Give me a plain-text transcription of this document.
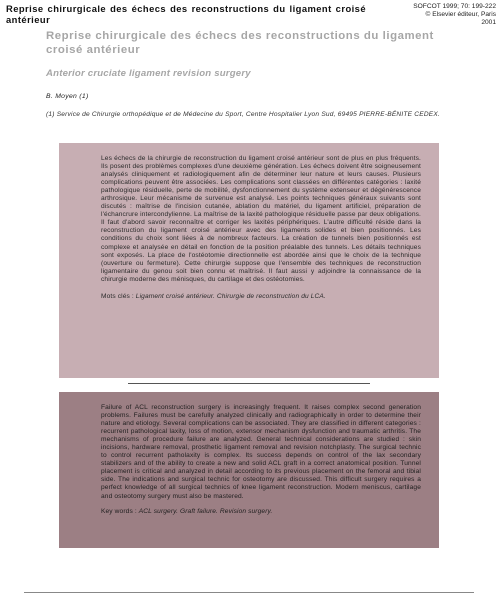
Reprise chirurgicale des échecs des reconstructions du ligament croisé antérieur
SOFCOT 1999; 70: 199-222
© Elsevier éditeur, Paris
2001
Reprise chirurgicale des échecs des reconstructions du ligament croisé antérieur
Anterior cruciate ligament revision surgery
B. Moyen (1)
(1) Service de Chirurgie orthopédique et de Médecine du Sport, Centre Hospitalier Lyon Sud, 69495 PIERRE-BÉNITE CEDEX.

Les échecs de la chirurgie de reconstruction du ligament croisé antérieur sont de plus en plus fréquents. Ils posent des problèmes complexes d'une deuxième génération. Les échecs doivent être soigneusement analysés cliniquement et radiologiquement afin de déterminer leur nature et leurs causes. Plusieurs complications peuvent être associées. Les complications sont classées en différentes catégories : laxité pathologique résiduelle, perte de mobilité, dysfonctionnement du système extenseur et dégénérescence arthrosique. Leur mécanisme de survenue est analysé. Les points techniques généraux suivants sont discutés : maîtrise de l'incision cutanée, ablation du matériel, du ligament artificiel, préparation de l'échancrure intercondylienne. La maîtrise de la laxité pathologique résiduelle passe par deux obligations. Il faut d'abord savoir reconnaître et corriger les laxités périphériques. L'autre difficulté réside dans la reconstruction du ligament croisé antérieur avec des ligaments solides et bien positionnés. Les conditions du choix sont liées à de nombreux facteurs. La création de tunnels bien positionnés est complexe et analysée en détail en fonction de la position préalable des tunnels. Les détails techniques sont exposés. La place de l'ostéotomie directionnelle est abordée ainsi que le choix de la technique (ouverture ou fermeture). Cette chirurgie suppose que l'ensemble des techniques de reconstruction ligamentaire du genou soit bien connu et maîtrisé. Il faut aussi y adjoindre la connaissance de la chirurgie moderne des ménisques, du cartilage et des ostéotomies.

Mots clés : Ligament croisé antérieur. Chirurgie de reconstruction du LCA.

Failure of ACL reconstruction surgery is increasingly frequent. It raises complex second generation problems. Failures must be carefully analyzed clinically and radiographically in order to determine their nature and etiology. Several complications can be associated. They are classified in different categories : recurrent pathological laxity, loss of motion, extensor mechanism dysfunction and traumatic arthritis. The mechanisms of procedure failure are analyzed. General technical considerations are studied : skin incisions, hardware removal, prosthetic ligament removal and revision notchplasty. The surgical technic to control recurrent patholaxity is complex. Its success depends on control of the lax secondary stabilizers and of the ability to create a new and solid ACL graft in a correct anatomical position. Tunnel placement is critical and analyzed in detail according to its previous placement on the femoral and tibial side. The indications and surgical technic for osteotomy are discussed. This difficult surgery requires a perfect knowledge of all surgical technics of knee ligament reconstruction. Modern meniscus, cartilage and osteotomy surgery must also be mastered.

Key words : ACL surgery. Graft failure. Revision surgery.
